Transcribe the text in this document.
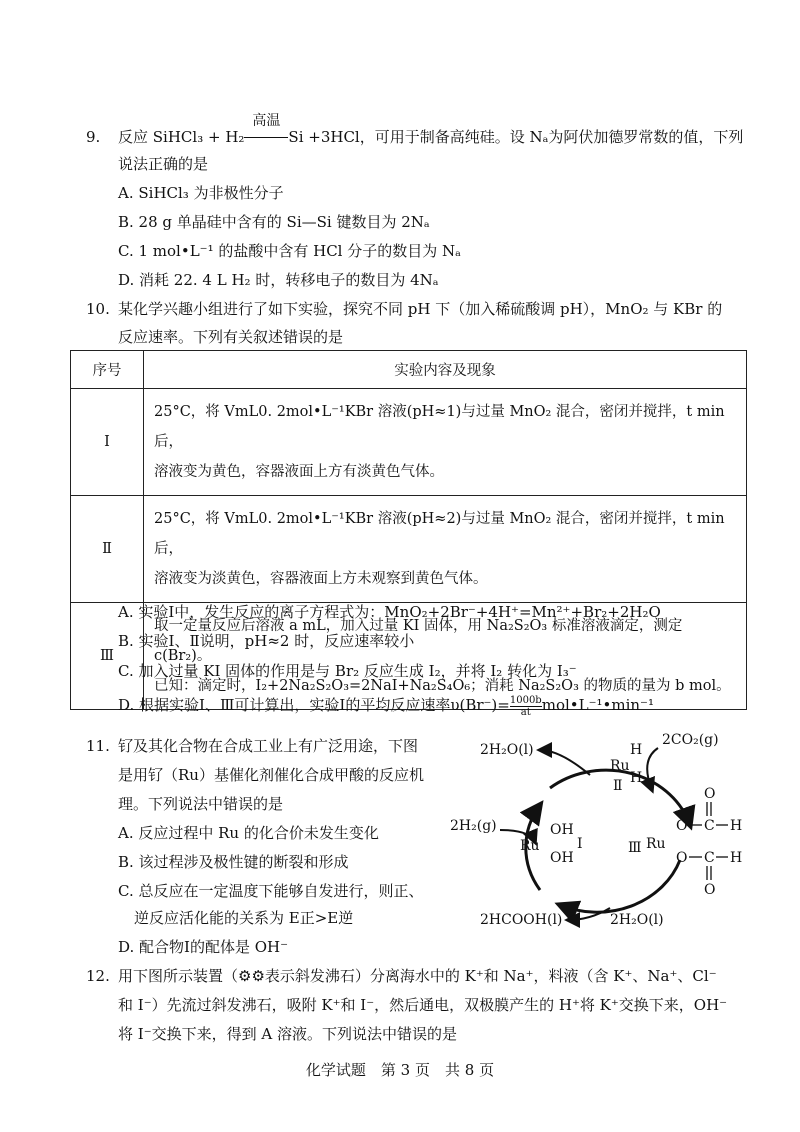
9. 反应 SiHCl₃ + H₂
高温
Si +3HCl，可用于制备高纯硅。设 Nₐ为阿伏加德罗常数的值，下列
说法正确的是
A. SiHCl₃ 为非极性分子
B. 28 g 单晶硅中含有的 Si—Si 键数目为 2Nₐ
C. 1 mol•L⁻¹ 的盐酸中含有 HCl 分子的数目为 Nₐ
D. 消耗 22. 4 L H₂ 时，转移电子的数目为 4Nₐ
10. 某化学兴趣小组进行了如下实验，探究不同 pH 下（加入稀硫酸调 pH），MnO₂ 与 KBr 的
反应速率。下列有关叙述错误的是
序号	实验内容及现象
Ⅰ	25°C，将 VmL0. 2mol•L⁻¹KBr 溶液(pH≈1)与过量 MnO₂ 混合，密闭并搅拌，t min 后，
溶液变为黄色，容器液面上方有淡黄色气体。

Ⅱ	25°C，将 VmL0. 2mol•L⁻¹KBr 溶液(pH≈2)与过量 MnO₂ 混合，密闭并搅拌，t min 后，
溶液变为淡黄色，容器液面上方未观察到黄色气体。

Ⅲ	取一定量反应后溶液 a mL，加入过量 KI 固体，用 Na₂S₂O₃ 标准溶液滴定，测定 c(Br₂)。
已知：滴定时，I₂+2Na₂S₂O₃=2NaI+Na₂S₄O₆；消耗 Na₂S₂O₃ 的物质的量为 b mol。
A. 实验Ⅰ中，发生反应的离子方程式为：MnO₂+2Br⁻+4H⁺=Mn²⁺+Br₂+2H₂O
B. 实验Ⅰ、Ⅱ说明，pH≈2 时，反应速率较小
C. 加入过量 KI 固体的作用是与 Br₂ 反应生成 I₂，并将 I₂ 转化为 I₃⁻
D. 根据实验Ⅰ、Ⅲ可计算出，实验Ⅰ的平均反应速率$\upsilon(Br^-)= \frac{1000b}{at}$ mol•L⁻¹•min⁻¹
11. 钌及其化合物在合成工业上有广泛用途，下图
是用钌（Ru）基催化剂催化合成甲酸的反应机
理。下列说法中错误的是
A. 反应过程中 Ru 的化合价未发生变化
B. 该过程涉及极性键的断裂和形成
C. 总反应在一定温度下能够自发进行，则正、
逆反应活化能的关系为 E正>E逆
D. 配合物Ⅰ的配体是 OH⁻
2H₂O(l)
2CO₂(g)
2H₂(g)
2HCOOH(l)	2H₂O(l)
Ru
H
H
Ⅱ
Ru
OH
OH
Ⅰ	Ⅲ Ru
O C H
O
O C H
O
12. 用下图所示装置（⚙⚙表示斜发沸石）分离海水中的 K⁺和 Na⁺，料液（含 K⁺、Na⁺、Cl⁻
和 I⁻）先流过斜发沸石，吸附 K⁺和 I⁻，然后通电，双极膜产生的 H⁺将 K⁺交换下来，OH⁻
将 I⁻交换下来，得到 A 溶液。下列说法中错误的是
化学试题　第 3 页　共 8 页
